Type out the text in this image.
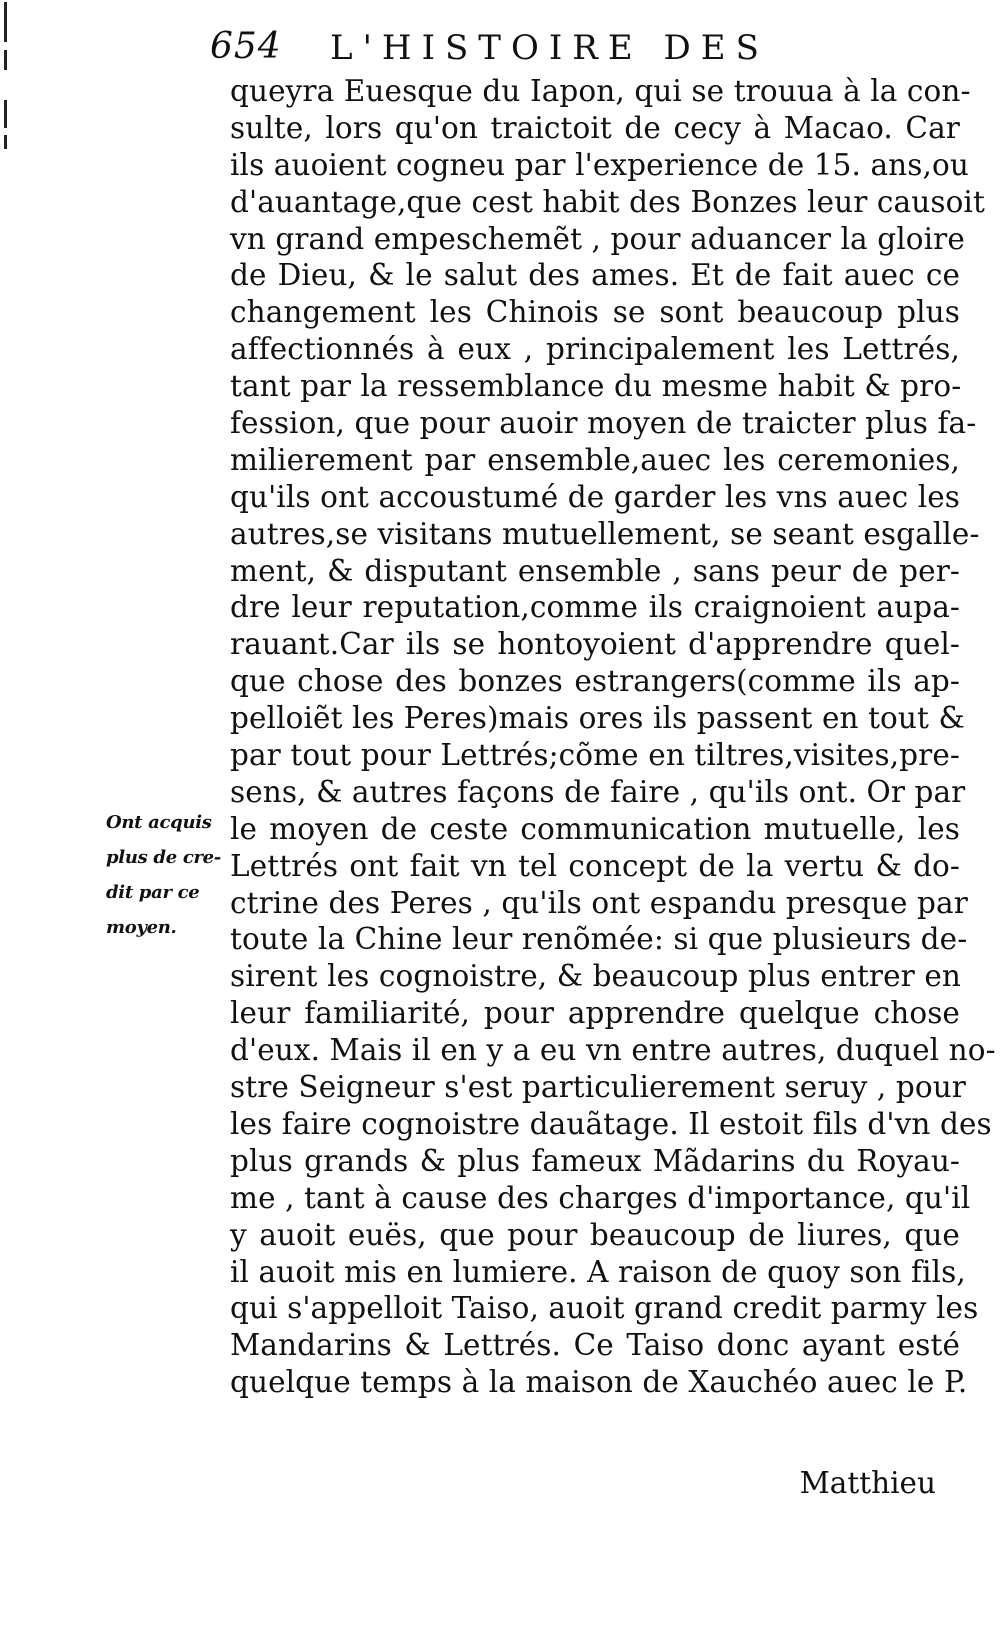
654 L'HISTOIRE DES
queyra Euesque du Iapon, qui se trouua à la con-
sulte, lors qu'on traictoit de cecy à Macao. Car
ils auoient cogneu par l'experience de 15. ans,ou
d'auantage,que cest habit des Bonzes leur causoit
vn grand empeschemẽt , pour aduancer la gloire
de Dieu, & le salut des ames. Et de fait auec ce
changement les Chinois se sont beaucoup plus
affectionnés à eux , principalement les Lettrés,
tant par la ressemblance du mesme habit & pro-
fession, que pour auoir moyen de traicter plus fa-
milierement par ensemble,auec les ceremonies,
qu'ils ont accoustumé de garder les vns auec les
autres,se visitans mutuellement, se seant esgalle-
ment, & disputant ensemble , sans peur de per-
dre leur reputation,comme ils craignoient aupa-
rauant.Car ils se hontoyoient d'apprendre quel-
que chose des bonzes estrangers(comme ils ap-
pelloiẽt les Peres)mais ores ils passent en tout &
par tout pour Lettrés;cõme en tiltres,visites,pre-
sens, & autres façons de faire , qu'ils ont. Or par
le moyen de ceste communication mutuelle, les
Lettrés ont fait vn tel concept de la vertu & do-
ctrine des Peres , qu'ils ont espandu presque par
toute la Chine leur renõmée: si que plusieurs de-
sirent les cognoistre, & beaucoup plus entrer en
leur familiarité, pour apprendre quelque chose
d'eux. Mais il en y a eu vn entre autres, duquel no-
stre Seigneur s'est particulierement seruy , pour
les faire cognoistre dauãtage. Il estoit fils d'vn des
plus grands & plus fameux Mãdarins du Royau-
me , tant à cause des charges d'importance, qu'il
y auoit euës, que pour beaucoup de liures, que
il auoit mis en lumiere. A raison de quoy son fils,
qui s'appelloit Taiso, auoit grand credit parmy les
Mandarins & Lettrés. Ce Taiso donc ayant esté
quelque temps à la maison de Xauchéo auec le P.
Ont acquis
plus de cre-
dit par ce
moyen.
Matthieu
